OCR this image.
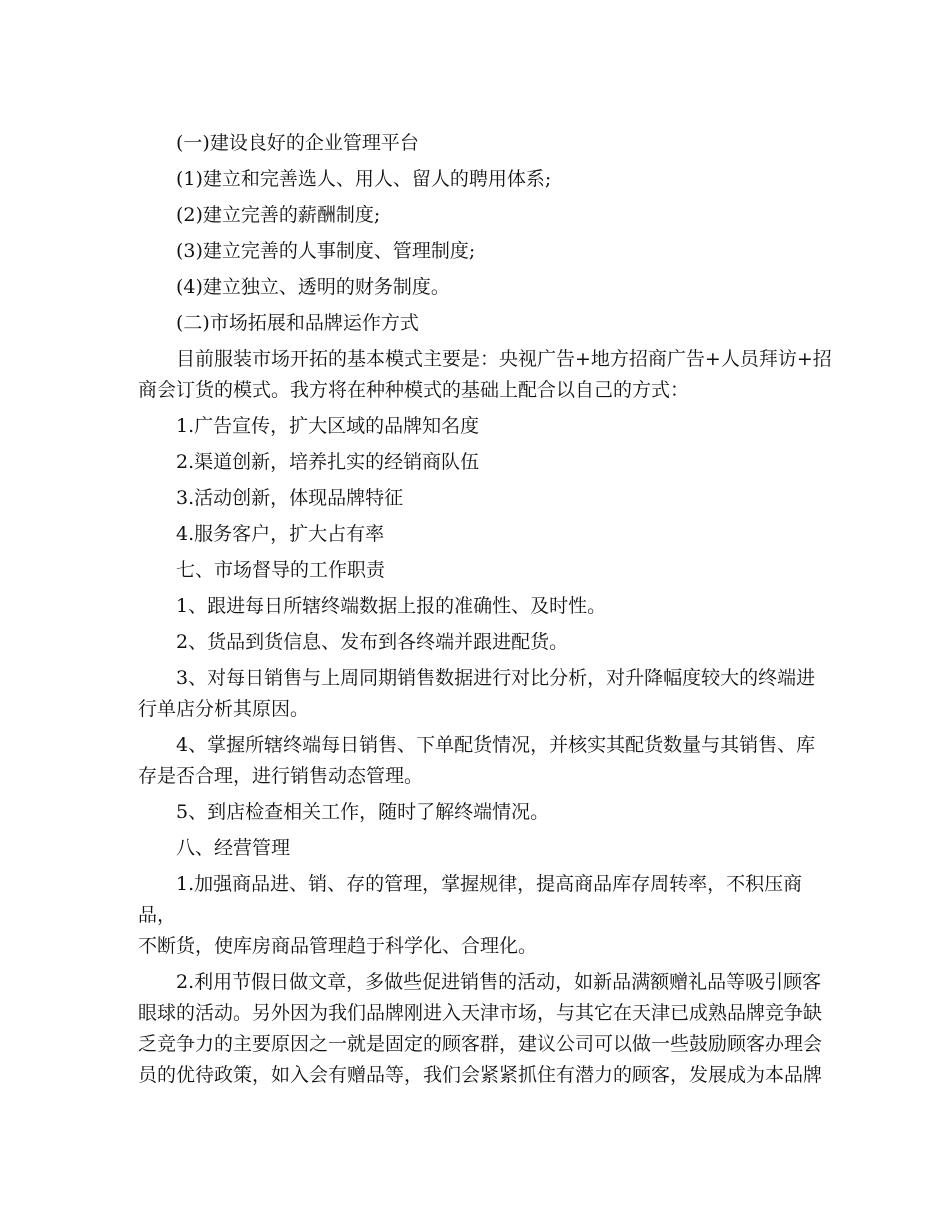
(一)建设良好的企业管理平台
(1)建立和完善选人、用人、留人的聘用体系;
(2)建立完善的薪酬制度;
(3)建立完善的人事制度、管理制度;
(4)建立独立、透明的财务制度。
(二)市场拓展和品牌运作方式
目前服装市场开拓的基本模式主要是：央视广告+地方招商广告+人员拜访+招
商会订货的模式。我方将在种种模式的基础上配合以自己的方式：
1.广告宣传，扩大区域的品牌知名度
2.渠道创新，培养扎实的经销商队伍
3.活动创新，体现品牌特征
4.服务客户，扩大占有率
七、市场督导的工作职责
1、跟进每日所辖终端数据上报的准确性、及时性。
2、货品到货信息、发布到各终端并跟进配货。
3、对每日销售与上周同期销售数据进行对比分析，对升降幅度较大的终端进
行单店分析其原因。
4、掌握所辖终端每日销售、下单配货情况，并核实其配货数量与其销售、库
存是否合理，进行销售动态管理。
5、到店检查相关工作，随时了解终端情况。
八、经营管理
1.加强商品进、销、存的管理，掌握规律，提高商品库存周转率，不积压商品，
不断货，使库房商品管理趋于科学化、合理化。
2.利用节假日做文章，多做些促进销售的活动，如新品满额赠礼品等吸引顾客
眼球的活动。另外因为我们品牌刚进入天津市场，与其它在天津已成熟品牌竞争缺
乏竞争力的主要原因之一就是固定的顾客群，建议公司可以做一些鼓励顾客办理会
员的优待政策，如入会有赠品等，我们会紧紧抓住有潜力的顾客，发展成为本品牌
